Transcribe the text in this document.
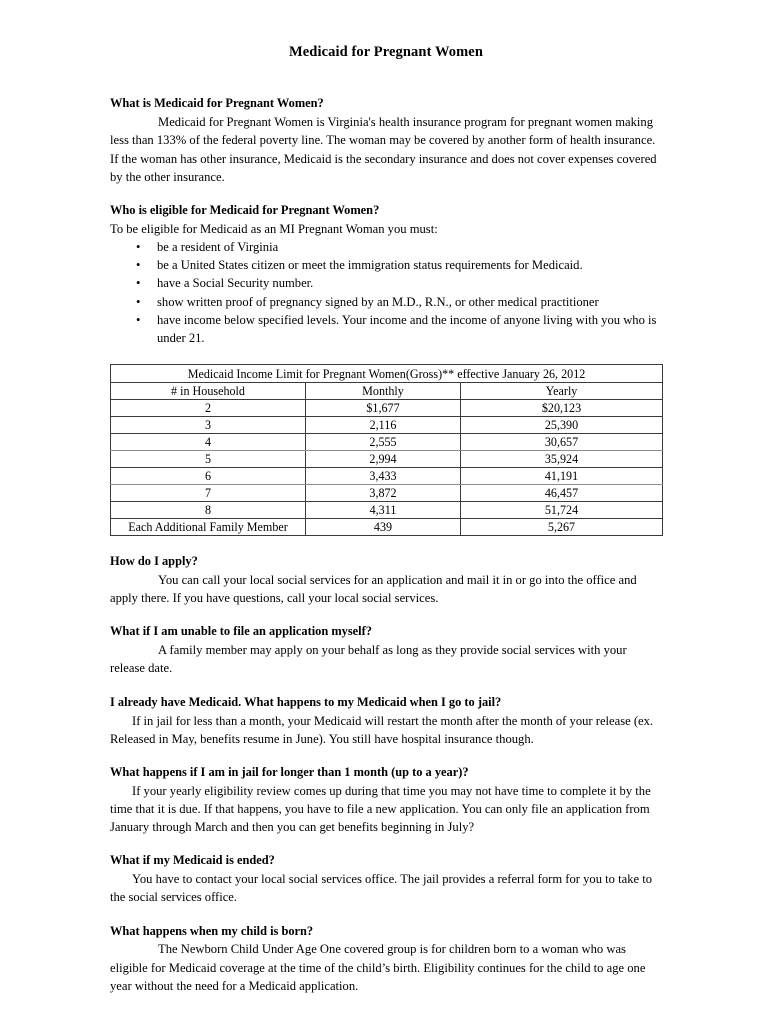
Medicaid for Pregnant Women
What is Medicaid for Pregnant Women?

Medicaid for Pregnant Women is Virginia's health insurance program for pregnant women making less than 133% of the federal poverty line. The woman may be covered by another form of health insurance. If the woman has other insurance, Medicaid is the secondary insurance and does not cover expenses covered by the other insurance.

Who is eligible for Medicaid for Pregnant Women?

To be eligible for Medicaid as an MI Pregnant Woman you must:

• be a resident of Virginia
• be a United States citizen or meet the immigration status requirements for Medicaid.
• have a Social Security number.
• show written proof of pregnancy signed by an M.D., R.N., or other medical practitioner
• have income below specified levels. Your income and the income of anyone living with you who is under 21.
Medicaid Income Limit for Pregnant Women(Gross)** effective January 26, 2012		
# in Household	Monthly	Yearly
2	$1,677	$20,123
3	2,116	25,390
4	2,555	30,657
5	2,994	35,924
6	3,433	41,191
7	3,872	46,457
8	4,311	51,724
Each Additional Family Member	439	5,267
How do I apply?

You can call your local social services for an application and mail it in or go into the office and apply there. If you have questions, call your local social services.

What if I am unable to file an application myself?

A family member may apply on your behalf as long as they provide social services with your release date.

I already have Medicaid. What happens to my Medicaid when I go to jail?

If in jail for less than a month, your Medicaid will restart the month after the month of your release (ex. Released in May, benefits resume in June). You still have hospital insurance though.

What happens if I am in jail for longer than 1 month (up to a year)?

If your yearly eligibility review comes up during that time you may not have time to complete it by the time that it is due. If that happens, you have to file a new application. You can only file an application from January through March and then you can get benefits beginning in July?

What if my Medicaid is ended?

You have to contact your local social services office. The jail provides a referral form for you to take to the social services office.

What happens when my child is born?

The Newborn Child Under Age One covered group is for children born to a woman who was eligible for Medicaid coverage at the time of the child’s birth. Eligibility continues for the child to age one year without the need for a Medicaid application.
